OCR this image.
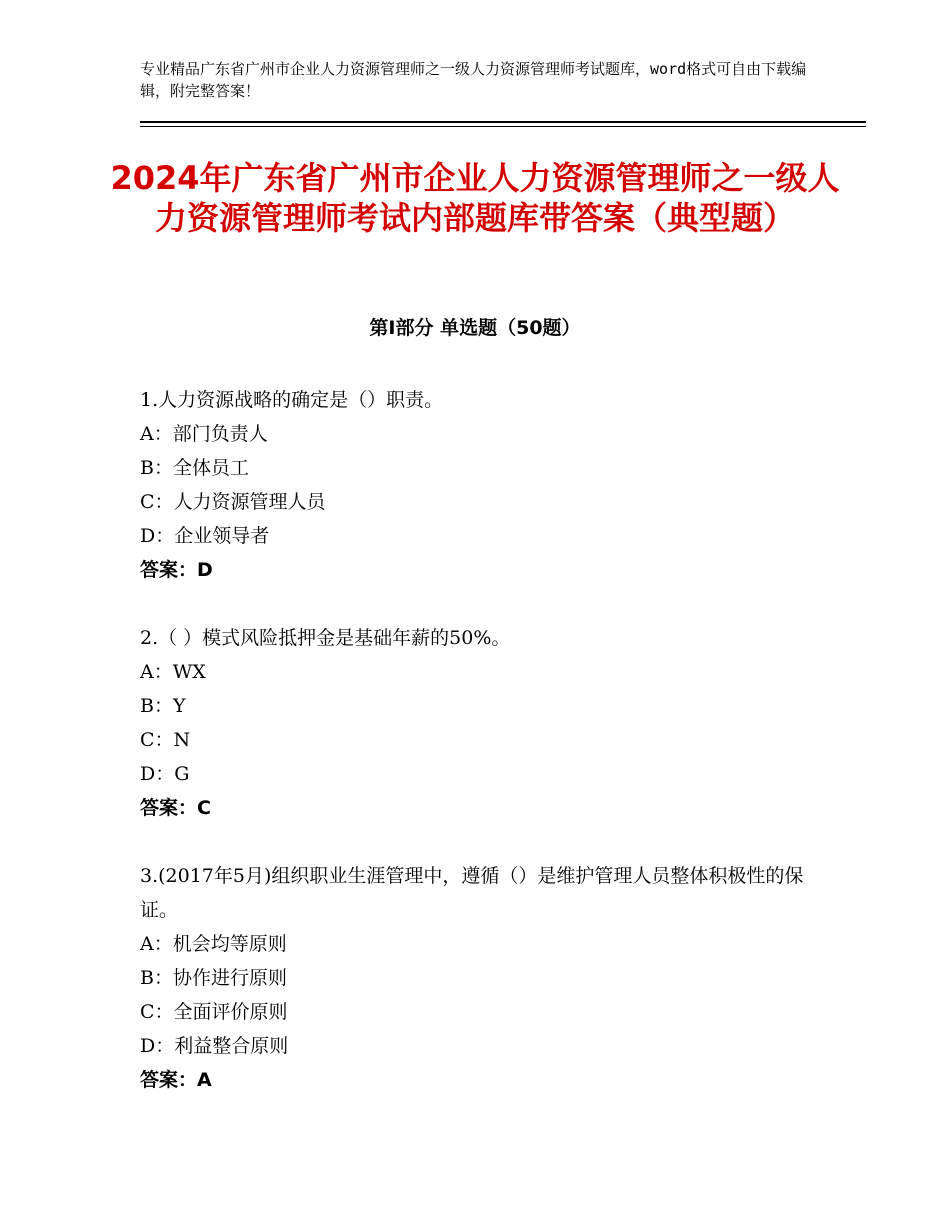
专业精品广东省广州市企业人力资源管理师之一级人力资源管理师考试题库，word格式可自由下载编辑，附完整答案！
2024年广东省广州市企业人力资源管理师之一级人力资源管理师考试内部题库带答案（典型题）
第Ⅰ部分 单选题（50题）
1.人力资源战略的确定是（）职责。
A：部门负责人
B：全体员工
C：人力资源管理人员
D：企业领导者
答案：D
2.（ ）模式风险抵押金是基础年薪的50%。
A：WX
B：Y
C：N
D：G
答案：C
3.(2017年5月)组织职业生涯管理中，遵循（）是维护管理人员整体积极性的保证。
A：机会均等原则
B：协作进行原则
C：全面评价原则
D：利益整合原则
答案：A
